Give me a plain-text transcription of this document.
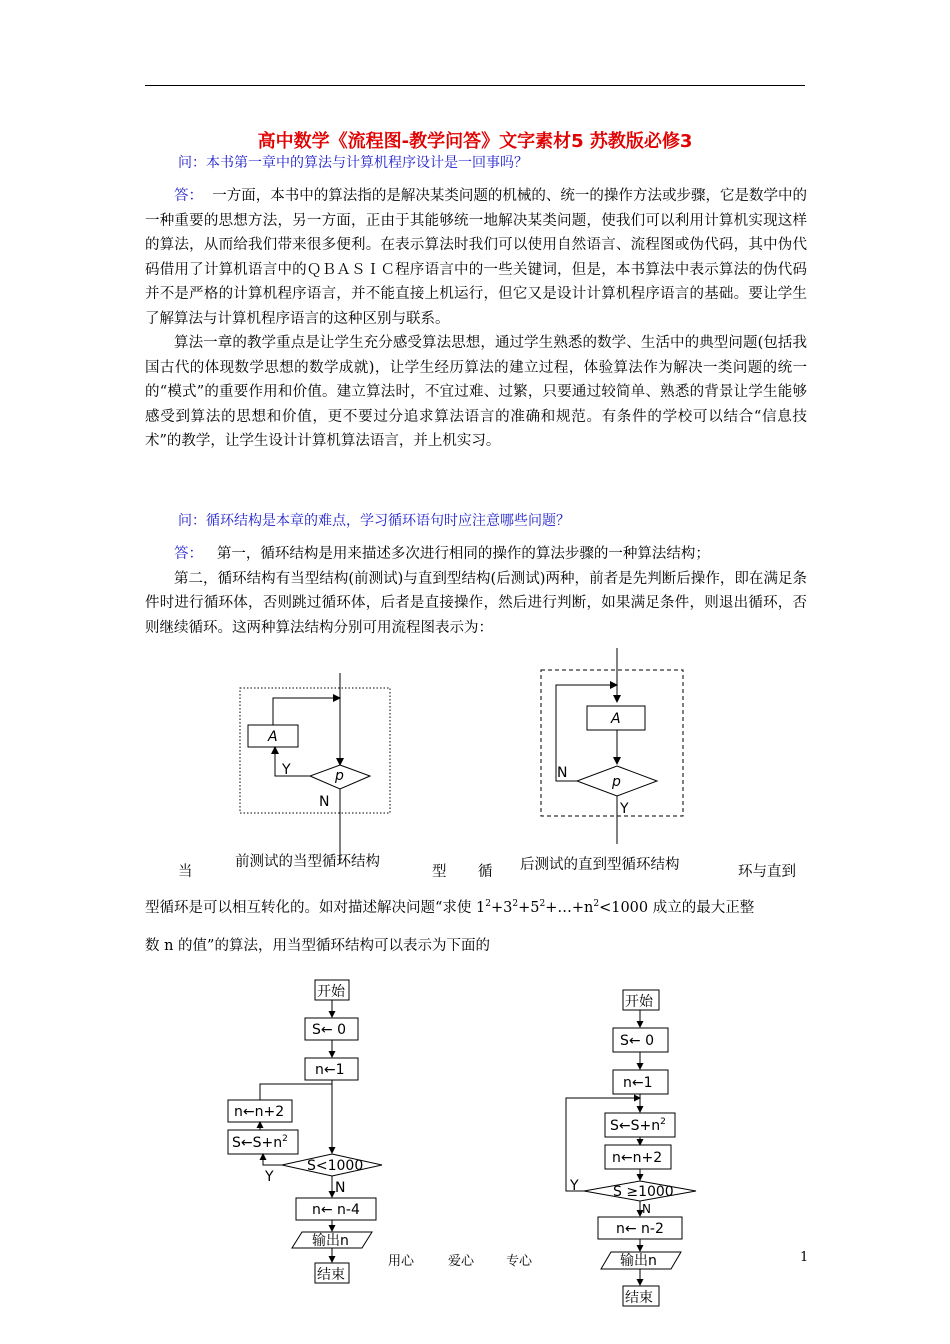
高中数学《流程图-教学问答》文字素材5 苏教版必修3
问：本书第一章中的算法与计算机程序设计是一回事吗？

答： 一方面，本书中的算法指的是解决某类问题的机械的、统一的操作方法或步骤，它是数学中的一种重要的思想方法，另一方面，正由于其能够统一地解决某类问题，使我们可以利用计算机实现这样的算法，从而给我们带来很多便利。在表示算法时我们可以使用自然语言、流程图或伪代码，其中伪代码借用了计算机语言中的ＱＢＡＳＩＣ程序语言中的一些关键词，但是，本书算法中表示算法的伪代码并不是严格的计算机程序语言，并不能直接上机运行，但它又是设计计算机程序语言的基础。要让学生了解算法与计算机程序语言的这种区别与联系。

算法一章的教学重点是让学生充分感受算法思想，通过学生熟悉的数学、生活中的典型问题(包括我国古代的体现数学思想的数学成就)，让学生经历算法的建立过程，体验算法作为解决一类问题的统一的“模式”的重要作用和价值。建立算法时，不宜过难、过繁，只要通过较简单、熟悉的背景让学生能够感受到算法的思想和价值，更不要过分追求算法语言的准确和规范。有条件的学校可以结合“信息技术”的教学，让学生设计计算机算法语言，并上机实习。

问：循环结构是本章的难点，学习循环语句时应注意哪些问题？

答： 第一，循环结构是用来描述多次进行相同的操作的算法步骤的一种算法结构；

第二，循环结构有当型结构(前测试)与直到型结构(后测试)两种，前者是先判断后操作，即在满足条件时进行循环体，否则跳过循环体，后者是直接操作，然后进行判断，如果满足条件，则退出循环，否则继续循环。这两种算法结构分别可用流程图表示为：

p
A
Y
N
A
p
N
Y
前测试的当型循环结构	后测试的直到型循环结构
当	型 循	环与直到
型循环是可以相互转化的。如对描述解决问题“求使 $1^2+3^2+5^2+\dots+n^2<1000$ 成立的最大正整
数 n 的值”的算法，用当型循环结构可以表示为下面的
开始
S← 0
n←1
n←n+2
$S\leftarrow S+n^2$
S<1000
Y
N
n← n-4
输出n
结束
开始
S← 0
n←1
$S\leftarrow S+n^2$
n←n+2
S ≥1000
Y
N
n← n-2
输出n
结束
用心	爱心 专心	1
